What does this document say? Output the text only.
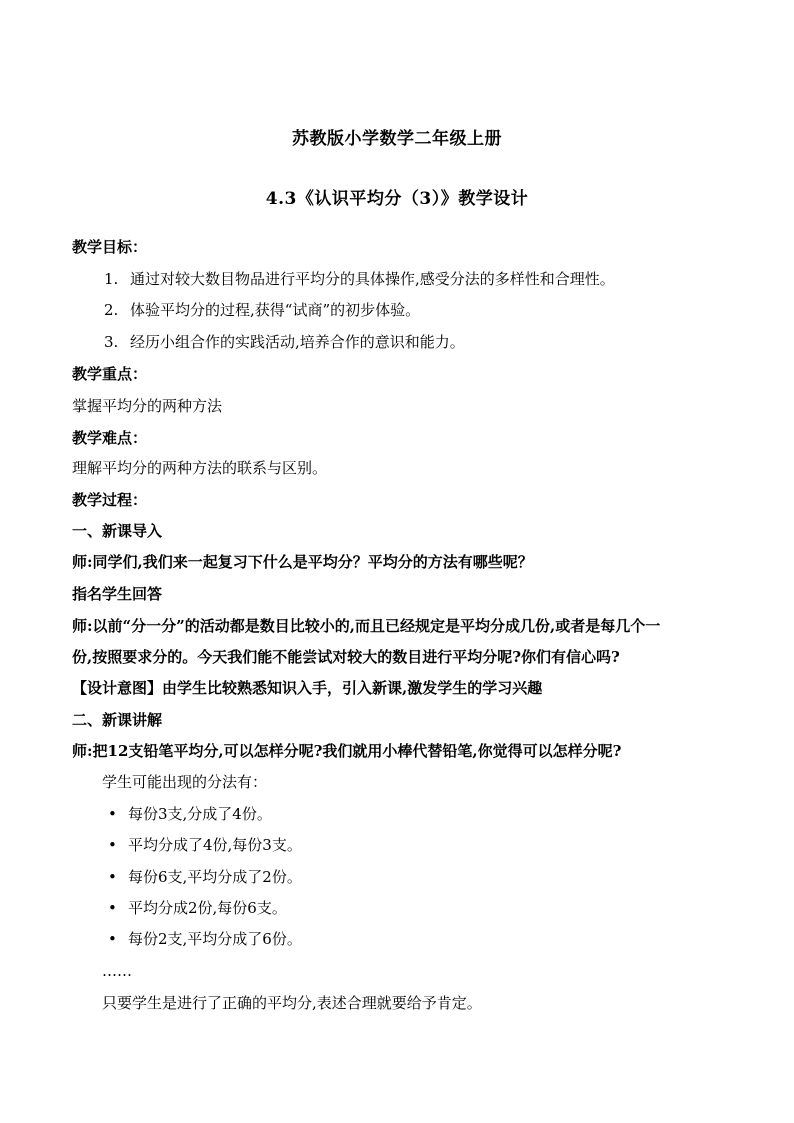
苏教版小学数学二年级上册
4.3《认识平均分（3）》教学设计
教学目标：
1. 通过对较大数目物品进行平均分的具体操作,感受分法的多样性和合理性。
2. 体验平均分的过程,获得“试商”的初步体验。
3. 经历小组合作的实践活动,培养合作的意识和能力。
教学重点：
掌握平均分的两种方法
教学难点：
理解平均分的两种方法的联系与区别。
教学过程：
一、新课导入
师:同学们,我们来一起复习下什么是平均分？平均分的方法有哪些呢？
指名学生回答
师:以前“分一分”的活动都是数目比较小的,而且已经规定是平均分成几份,或者是每几个一
份,按照要求分的。今天我们能不能尝试对较大的数目进行平均分呢?你们有信心吗?
【设计意图】由学生比较熟悉知识入手，引入新课,激发学生的学习兴趣
二、新课讲解
师:把12支铅笔平均分,可以怎样分呢?我们就用小棒代替铅笔,你觉得可以怎样分呢?
学生可能出现的分法有：
• 每份3支,分成了4份。
• 平均分成了4份,每份3支。
• 每份6支,平均分成了2份。
• 平均分成2份,每份6支。
• 每份2支,平均分成了6份。
……
只要学生是进行了正确的平均分,表述合理就要给予肯定。
